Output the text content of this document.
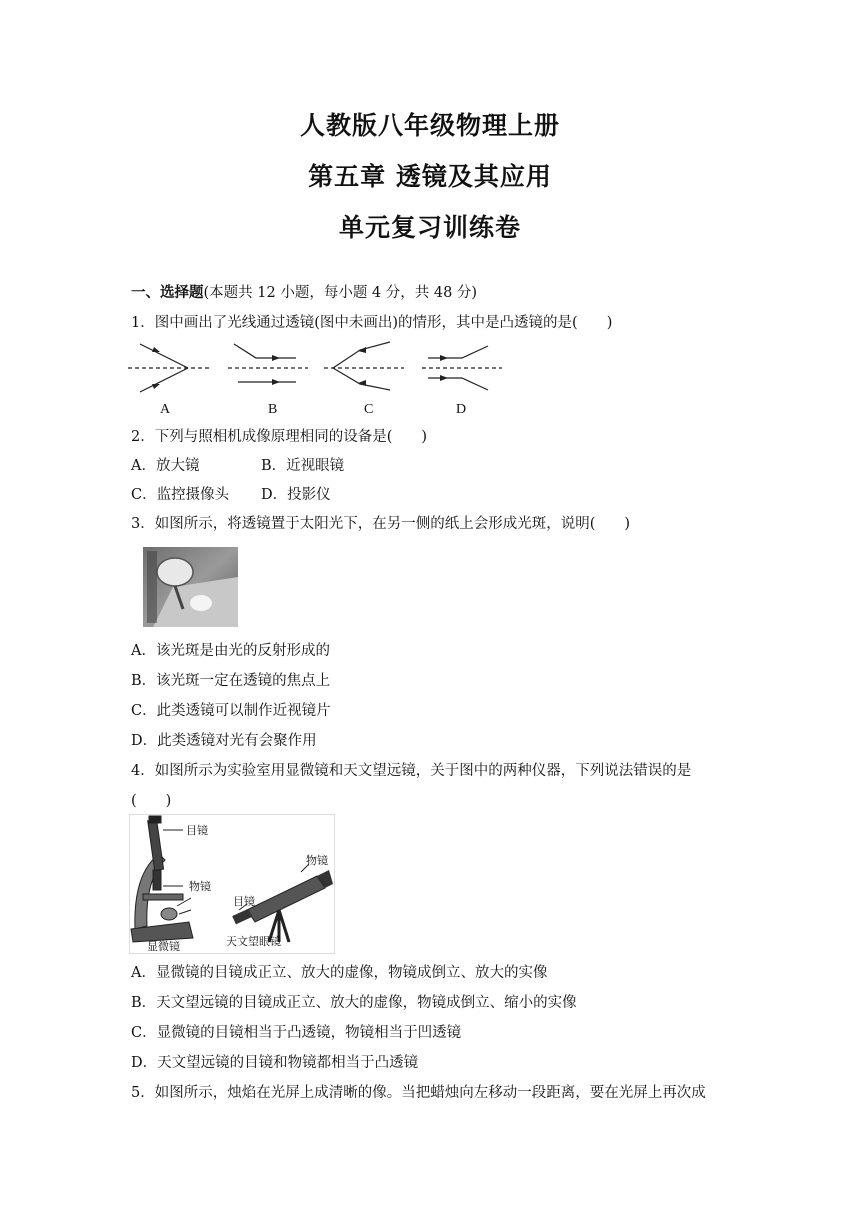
人教版八年级物理上册
第五章 透镜及其应用
单元复习训练卷
一、选择题(本题共 12 小题，每小题 4 分，共 48 分)
1．图中画出了光线通过透镜(图中未画出)的情形，其中是凸透镜的是(　　)
A	B	C	D
2．下列与照相机成像原理相同的设备是(　　)
A．放大镜	B．近视眼镜
C．监控摄像头 D．投影仪
3．如图所示，将透镜置于太阳光下，在另一侧的纸上会形成光斑，说明(　　)
A．该光斑是由光的反射形成的
B．该光斑一定在透镜的焦点上
C．此类透镜可以制作近视镜片
D．此类透镜对光有会聚作用
4．如图所示为实验室用显微镜和天文望远镜，关于图中的两种仪器，下列说法错误的是
(　　)
目镜
物镜
显微镜
物镜
目镜
天文望眼镜
A．显微镜的目镜成正立、放大的虚像，物镜成倒立、放大的实像
B．天文望远镜的目镜成正立、放大的虚像，物镜成倒立、缩小的实像
C．显微镜的目镜相当于凸透镜，物镜相当于凹透镜
D．天文望远镜的目镜和物镜都相当于凸透镜
5．如图所示，烛焰在光屏上成清晰的像。当把蜡烛向左移动一段距离，要在光屏上再次成
